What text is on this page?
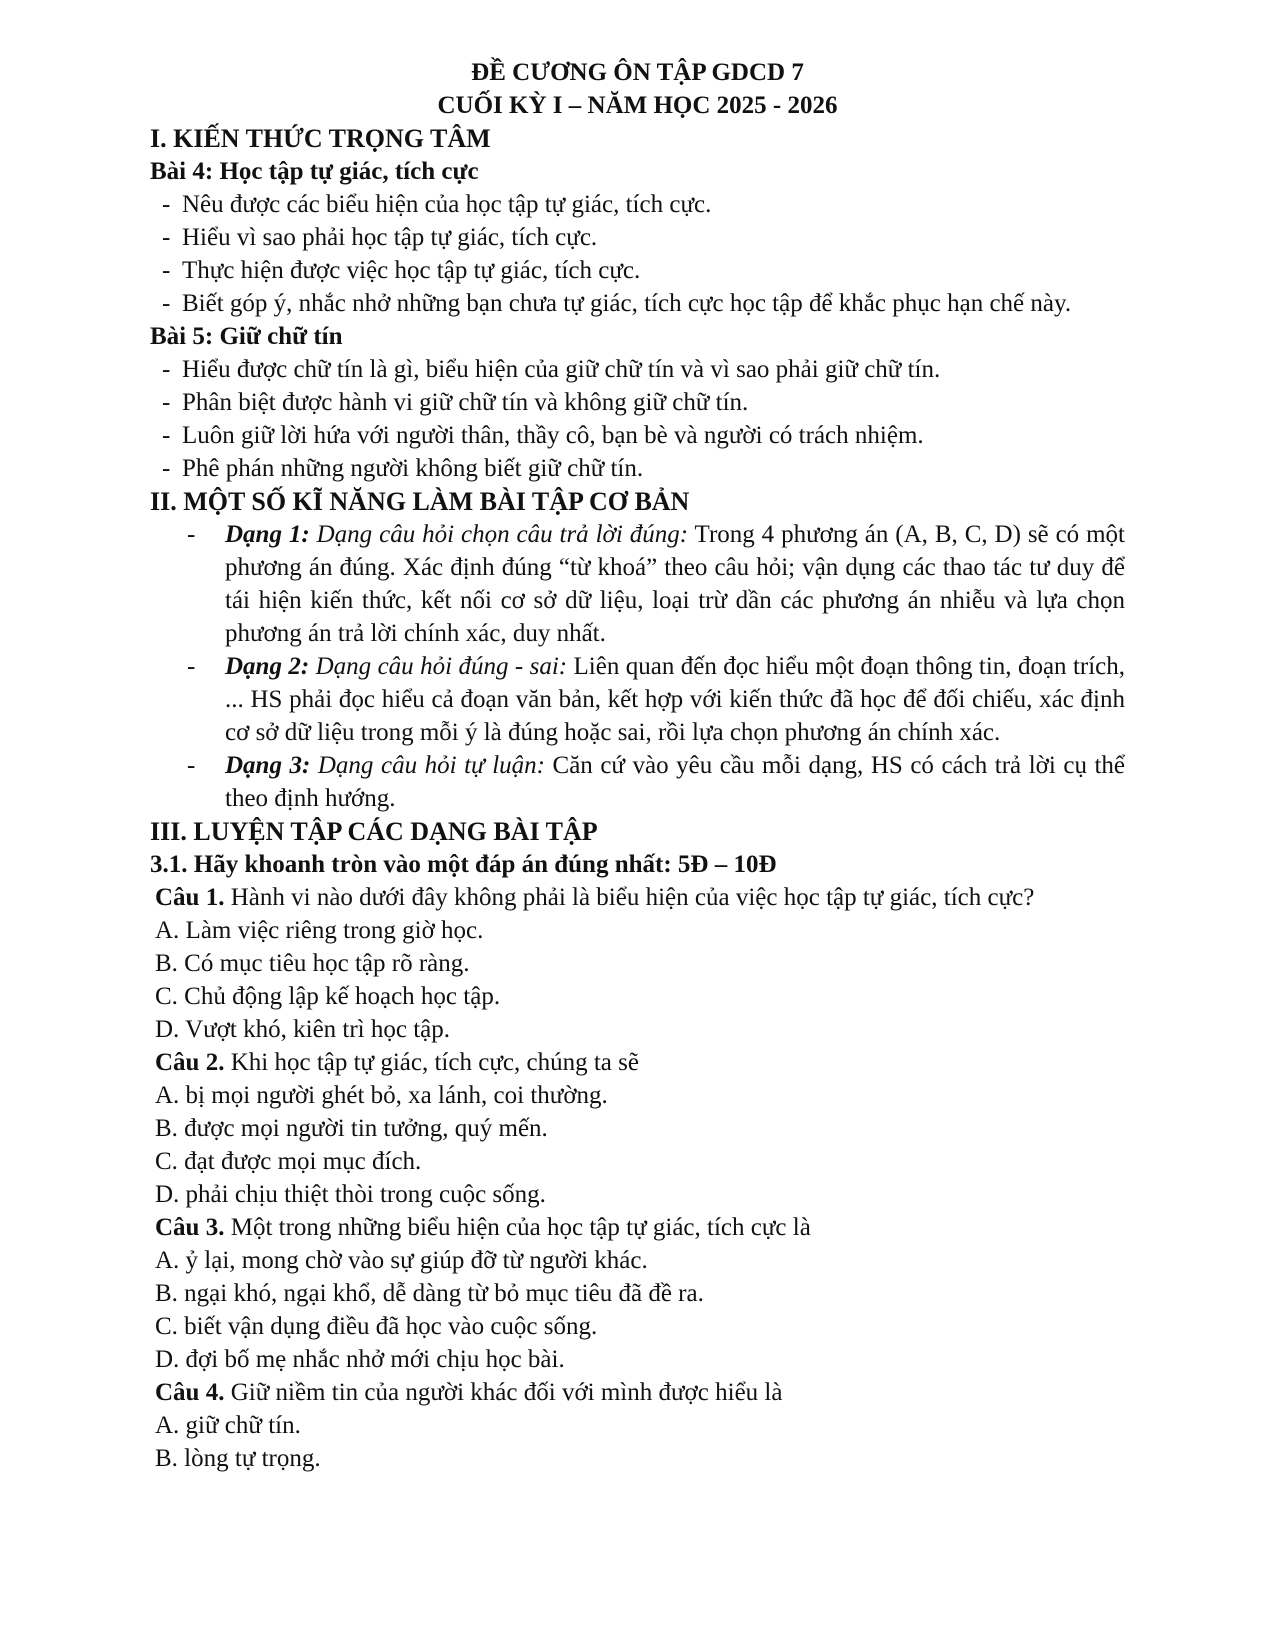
ĐỀ CƯƠNG ÔN TẬP GDCD 7
CUỐI KỲ I – NĂM HỌC 2025 - 2026
I. KIẾN THỨC TRỌNG TÂM
Bài 4: Học tập tự giác, tích cực
- Nêu được các biểu hiện của học tập tự giác, tích cực.
- Hiểu vì sao phải học tập tự giác, tích cực.
- Thực hiện được việc học tập tự giác, tích cực.
- Biết góp ý, nhắc nhở những bạn chưa tự giác, tích cực học tập để khắc phục hạn chế này.
Bài 5: Giữ chữ tín
- Hiểu được chữ tín là gì, biểu hiện của giữ chữ tín và vì sao phải giữ chữ tín.
- Phân biệt được hành vi giữ chữ tín và không giữ chữ tín.
- Luôn giữ lời hứa với người thân, thầy cô, bạn bè và người có trách nhiệm.
- Phê phán những người không biết giữ chữ tín.
II. MỘT SỐ KĨ NĂNG LÀM BÀI TẬP CƠ BẢN
- Dạng 1: Dạng câu hỏi chọn câu trả lời đúng: Trong 4 phương án (A, B, C, D) sẽ có một phương án đúng. Xác định đúng “từ khoá” theo câu hỏi; vận dụng các thao tác tư duy để tái hiện kiến thức, kết nối cơ sở dữ liệu, loại trừ dần các phương án nhiễu và lựa chọn phương án trả lời chính xác, duy nhất.
- Dạng 2: Dạng câu hỏi đúng - sai: Liên quan đến đọc hiểu một đoạn thông tin, đoạn trích, ... HS phải đọc hiểu cả đoạn văn bản, kết hợp với kiến thức đã học để đối chiếu, xác định cơ sở dữ liệu trong mỗi ý là đúng hoặc sai, rồi lựa chọn phương án chính xác.
- Dạng 3: Dạng câu hỏi tự luận: Căn cứ vào yêu cầu mỗi dạng, HS có cách trả lời cụ thể theo định hướng.
III. LUYỆN TẬP CÁC DẠNG BÀI TẬP
3.1. Hãy khoanh tròn vào một đáp án đúng nhất: 5Đ – 10Đ
Câu 1. Hành vi nào dưới đây không phải là biểu hiện của việc học tập tự giác, tích cực?
A. Làm việc riêng trong giờ học.
B. Có mục tiêu học tập rõ ràng.
C. Chủ động lập kế hoạch học tập.
D. Vượt khó, kiên trì học tập.
Câu 2. Khi học tập tự giác, tích cực, chúng ta sẽ
A. bị mọi người ghét bỏ, xa lánh, coi thường.
B. được mọi người tin tưởng, quý mến.
C. đạt được mọi mục đích.
D. phải chịu thiệt thòi trong cuộc sống.
Câu 3. Một trong những biểu hiện của học tập tự giác, tích cực là
A. ỷ lại, mong chờ vào sự giúp đỡ từ người khác.
B. ngại khó, ngại khổ, dễ dàng từ bỏ mục tiêu đã đề ra.
C. biết vận dụng điều đã học vào cuộc sống.
D. đợi bố mẹ nhắc nhở mới chịu học bài.
Câu 4. Giữ niềm tin của người khác đối với mình được hiểu là
A. giữ chữ tín.
B. lòng tự trọng.
